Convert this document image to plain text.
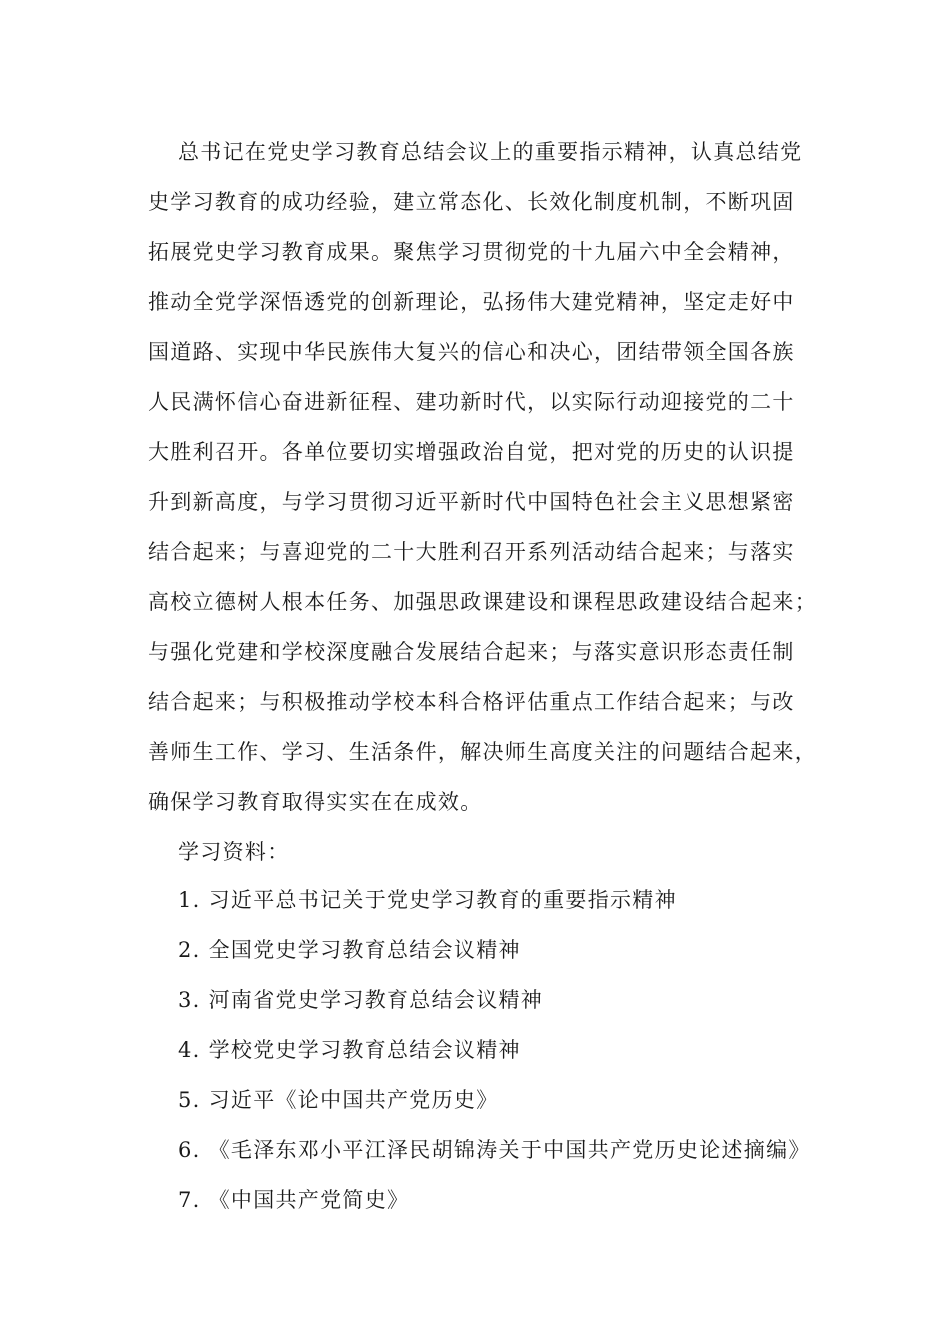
总书记在党史学习教育总结会议上的重要指示精神，认真总结党
史学习教育的成功经验，建立常态化、长效化制度机制，不断巩固
拓展党史学习教育成果。聚焦学习贯彻党的十九届六中全会精神，
推动全党学深悟透党的创新理论，弘扬伟大建党精神，坚定走好中
国道路、实现中华民族伟大复兴的信心和决心，团结带领全国各族
人民满怀信心奋进新征程、建功新时代，以实际行动迎接党的二十
大胜利召开。各单位要切实增强政治自觉，把对党的历史的认识提
升到新高度，与学习贯彻习近平新时代中国特色社会主义思想紧密
结合起来；与喜迎党的二十大胜利召开系列活动结合起来；与落实
高校立德树人根本任务、加强思政课建设和课程思政建设结合起来；
与强化党建和学校深度融合发展结合起来；与落实意识形态责任制
结合起来；与积极推动学校本科合格评估重点工作结合起来；与改
善师生工作、学习、生活条件，解决师生高度关注的问题结合起来，
确保学习教育取得实实在在成效。
学习资料：
1. 习近平总书记关于党史学习教育的重要指示精神
2. 全国党史学习教育总结会议精神
3. 河南省党史学习教育总结会议精神
4. 学校党史学习教育总结会议精神
5. 习近平《论中国共产党历史》
6. 《毛泽东邓小平江泽民胡锦涛关于中国共产党历史论述摘编》
7. 《中国共产党简史》
